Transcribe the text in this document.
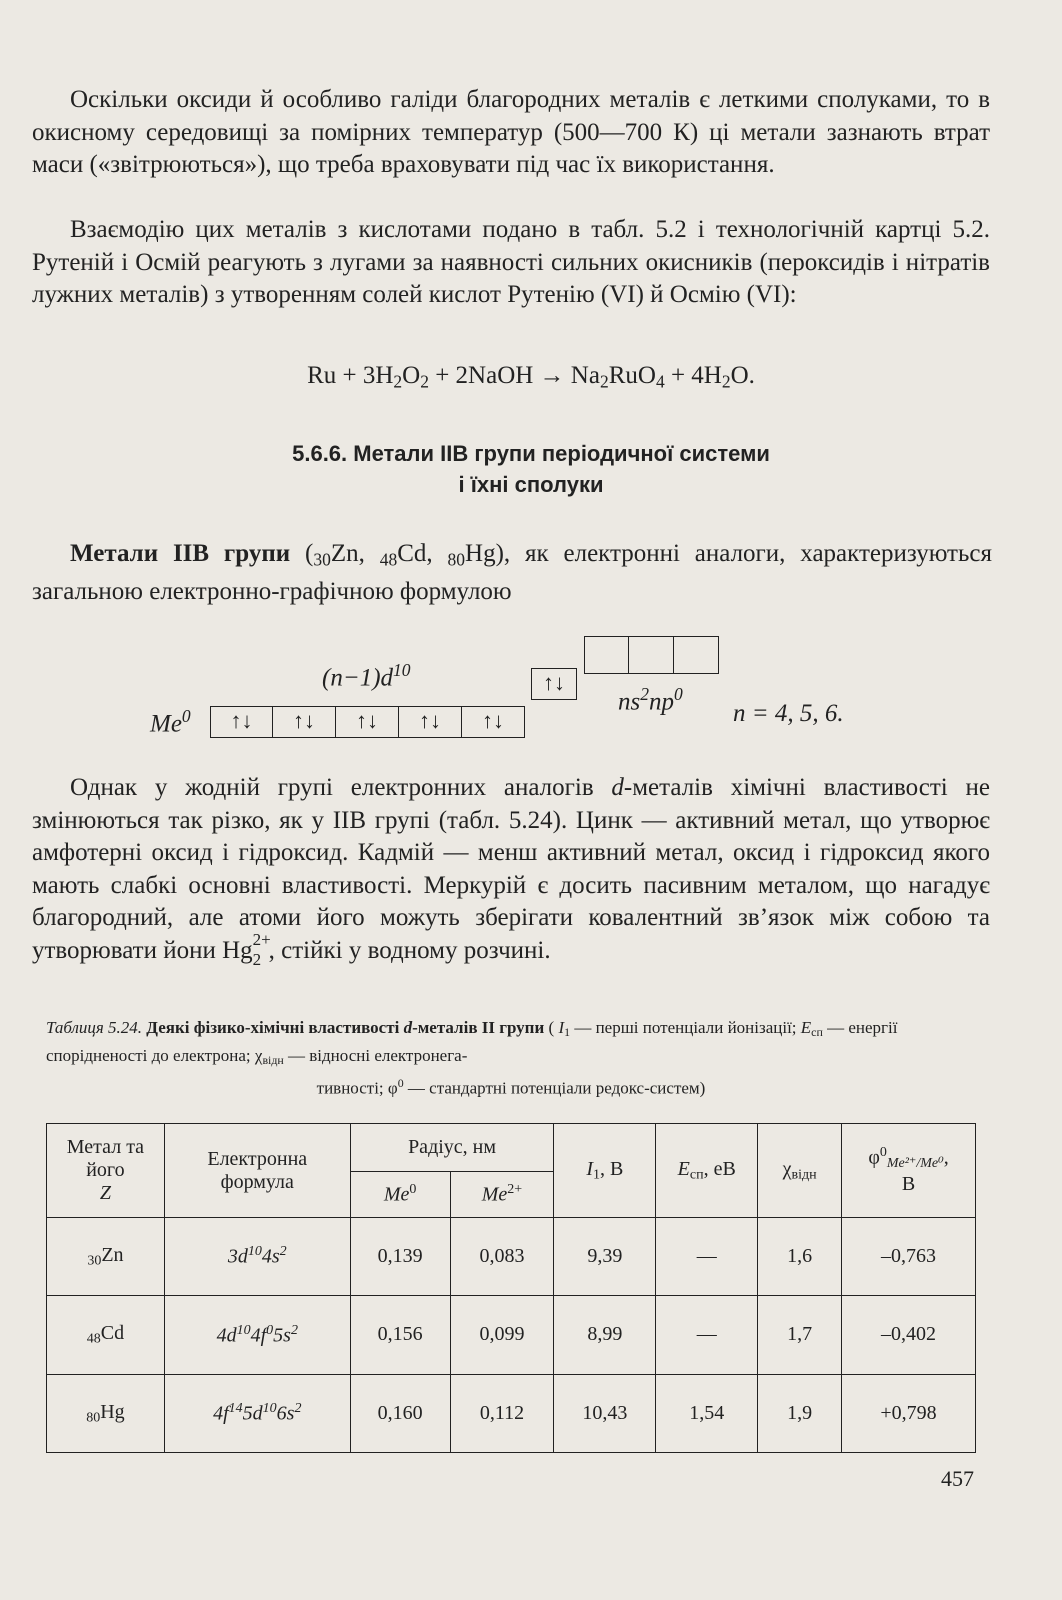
Оскільки оксиди й особливо галіди благородних металів є леткими сполуками, то в окисному середовищі за помірних температур (500—700 К) ці метали зазнають втрат маси («звітрюються»), що треба враховувати під час їх використання.

Взаємодію цих металів з кислотами подано в табл. 5.2 і технологічній картці 5.2. Рутеній і Осмій реагують з лугами за наявності сильних окисників (пероксидів і нітратів лужних металів) з утворенням солей кислот Рутенію (VI) й Осмію (VI):

$Ru + 3H_2O_2$ + 2NaOH → $Na_2RuO_4 + 4H_2O$.
5.6.6. Метали IIB групи періодичної системи
і їхні сполуки

Метали IIB групи ($_{30}Zn$, $_{48}$Cd, $_{80}$Hg), як електронні аналоги, характеризуються загальною електронно-графічною формулою

$(n-1)d^{10}$
Me$^0$	↑↓	↑↓	↑↓	↑↓	↑↓
↑↓
$ns^2np^0$
n = 4, 5, 6.

Однак у жодній групі електронних аналогів d-металів хімічні властивості не змінюються так різко, як у IIB групі (табл. 5.24). Цинк — активний метал, що утворює амфотерні оксид і гідроксид. Кадмій — менш активний метал, оксид і гідроксид якого мають слабкі основні властивості. Меркурій є досить пасивним металом, що нагадує благородний, але атоми його можуть зберігати ковалентний зв’язок між собою та утворювати йони Hg 2+
2 , стійкі у водному розчині.

Таблиця 5.24. Деякі фізико-хімічні властивості d-металів II групи ( $I_1$ — перші потенціали йонізації; $E_{сп}$ — енергії спорідненості до електрона; $\chi_{відн}$ — відносні електронега-
тивності; $\varphi^0$ — стандартні потенціали редокс-систем)

Метал та його
Z	Електронна формула	Радіус, нм		$I_1$, В	$E_{сп}$, eВ	$\chi_{відн}$	$\varphi^0_{Me^{2+}/Me^0}$,
В
		Me$^0$	$Me^{2+}$
$_{30}$Zn	$3d^{10}4s^2$	0,139	0,083	9,39	—	1,6	–0,763
$_{48}$Cd	$4d^{10}4f^05s^2$	0,156	0,099	8,99	—	1,7	–0,402
$_{80}$Hg	$4f^{14}5d^{10}6s^2$	0,160	0,112	10,43	1,54	1,9	+0,798
457
